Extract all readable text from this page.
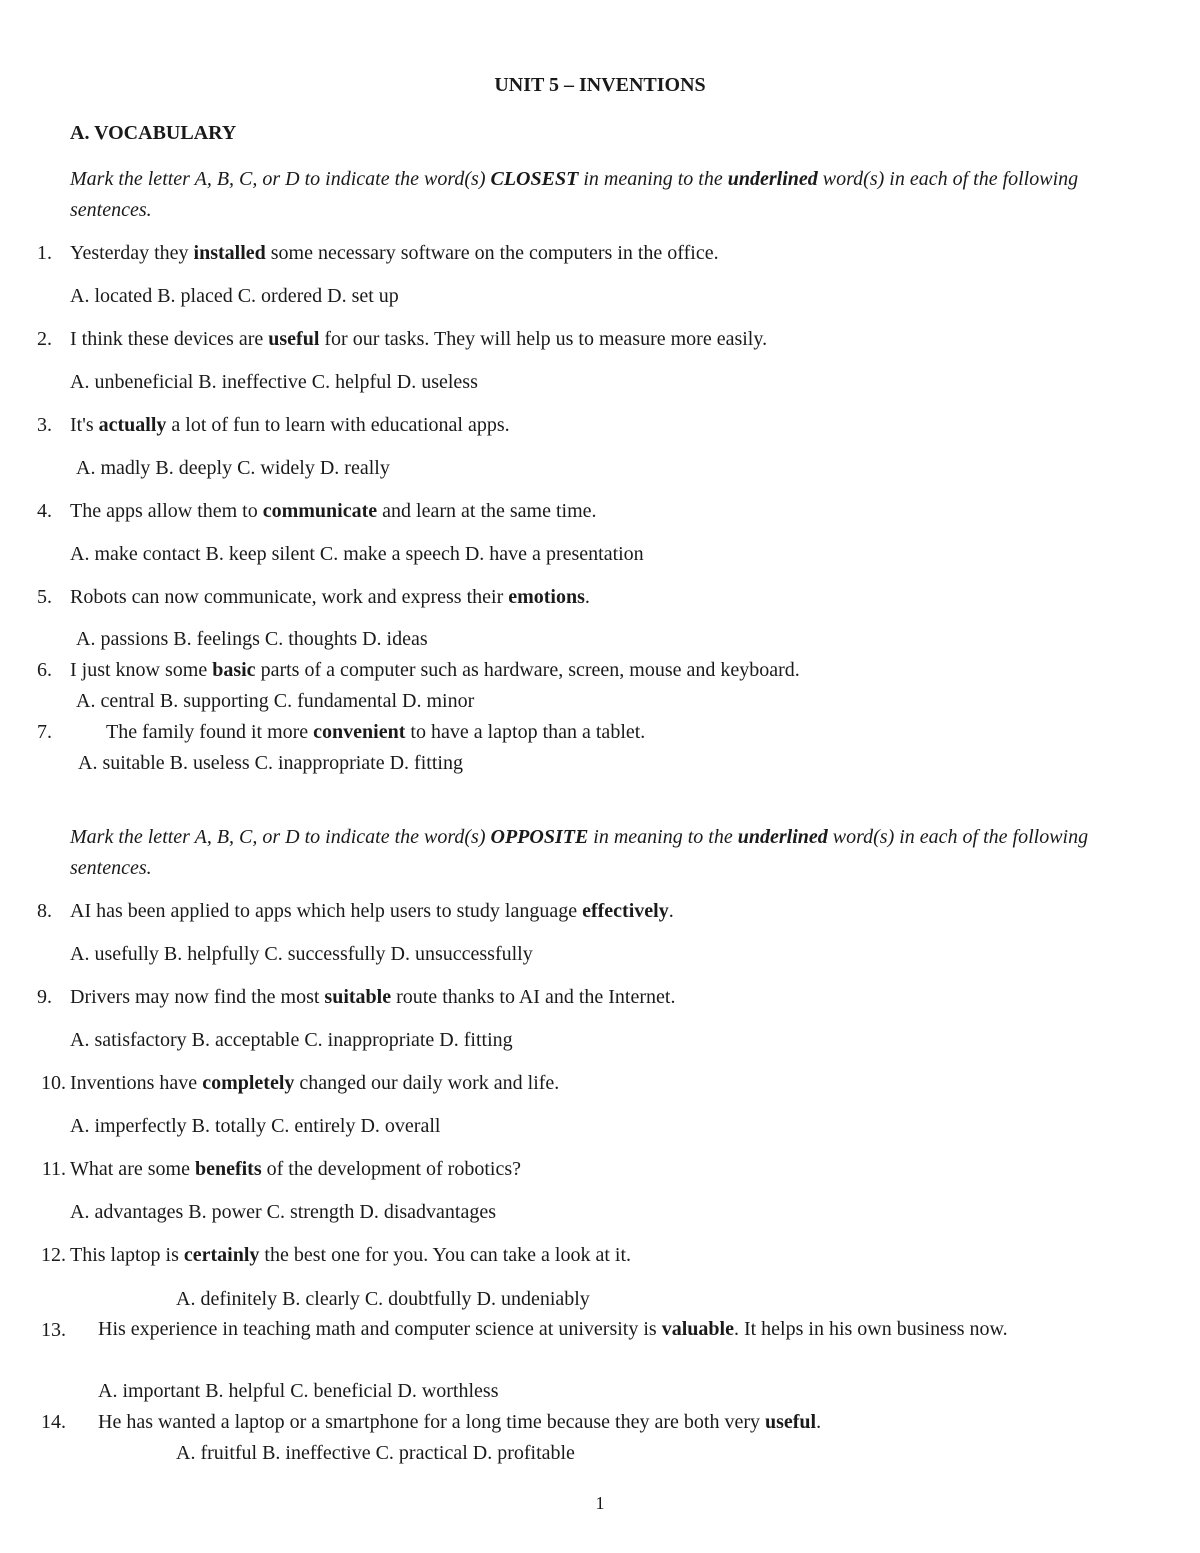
UNIT 5 – INVENTIONS
A. VOCABULARY
Mark the letter A, B, C, or D to indicate the word(s) CLOSEST in meaning to the underlined word(s) in each of the following sentences.
1. Yesterday they installed some necessary software on the computers in the office.
A. located B. placed C. ordered D. set up
2. I think these devices are useful for our tasks. They will help us to measure more easily.
A. unbeneficial B. ineffective C. helpful D. useless
3. It's actually a lot of fun to learn with educational apps.
A. madly B. deeply C. widely D. really
4. The apps allow them to communicate and learn at the same time.
A. make contact B. keep silent C. make a speech D. have a presentation
5. Robots can now communicate, work and express their emotions.
A. passions B. feelings C. thoughts D. ideas
6. I just know some basic parts of a computer such as hardware, screen, mouse and keyboard.
A. central B. supporting C. fundamental D. minor
7.	The family found it more convenient to have a laptop than a tablet.
A. suitable B. useless C. inappropriate D. fitting
Mark the letter A, B, C, or D to indicate the word(s) OPPOSITE in meaning to the underlined word(s) in each of the following sentences.
8. AI has been applied to apps which help users to study language effectively.
A. usefully B. helpfully C. successfully D. unsuccessfully
9. Drivers may now find the most suitable route thanks to AI and the Internet.
A. satisfactory B. acceptable C. inappropriate D. fitting
10. Inventions have completely changed our daily work and life.
A. imperfectly B. totally C. entirely D. overall
11. What are some benefits of the development of robotics?
A. advantages B. power C. strength D. disadvantages
12. This laptop is certainly the best one for you. You can take a look at it.
A. definitely B. clearly C. doubtfully D. undeniably
13. His experience in teaching math and computer science at university is valuable. It helps in his own business now.
A. important B. helpful C. beneficial D. worthless
14. He has wanted a laptop or a smartphone for a long time because they are both very useful.
A. fruitful B. ineffective C. practical D. profitable
1
